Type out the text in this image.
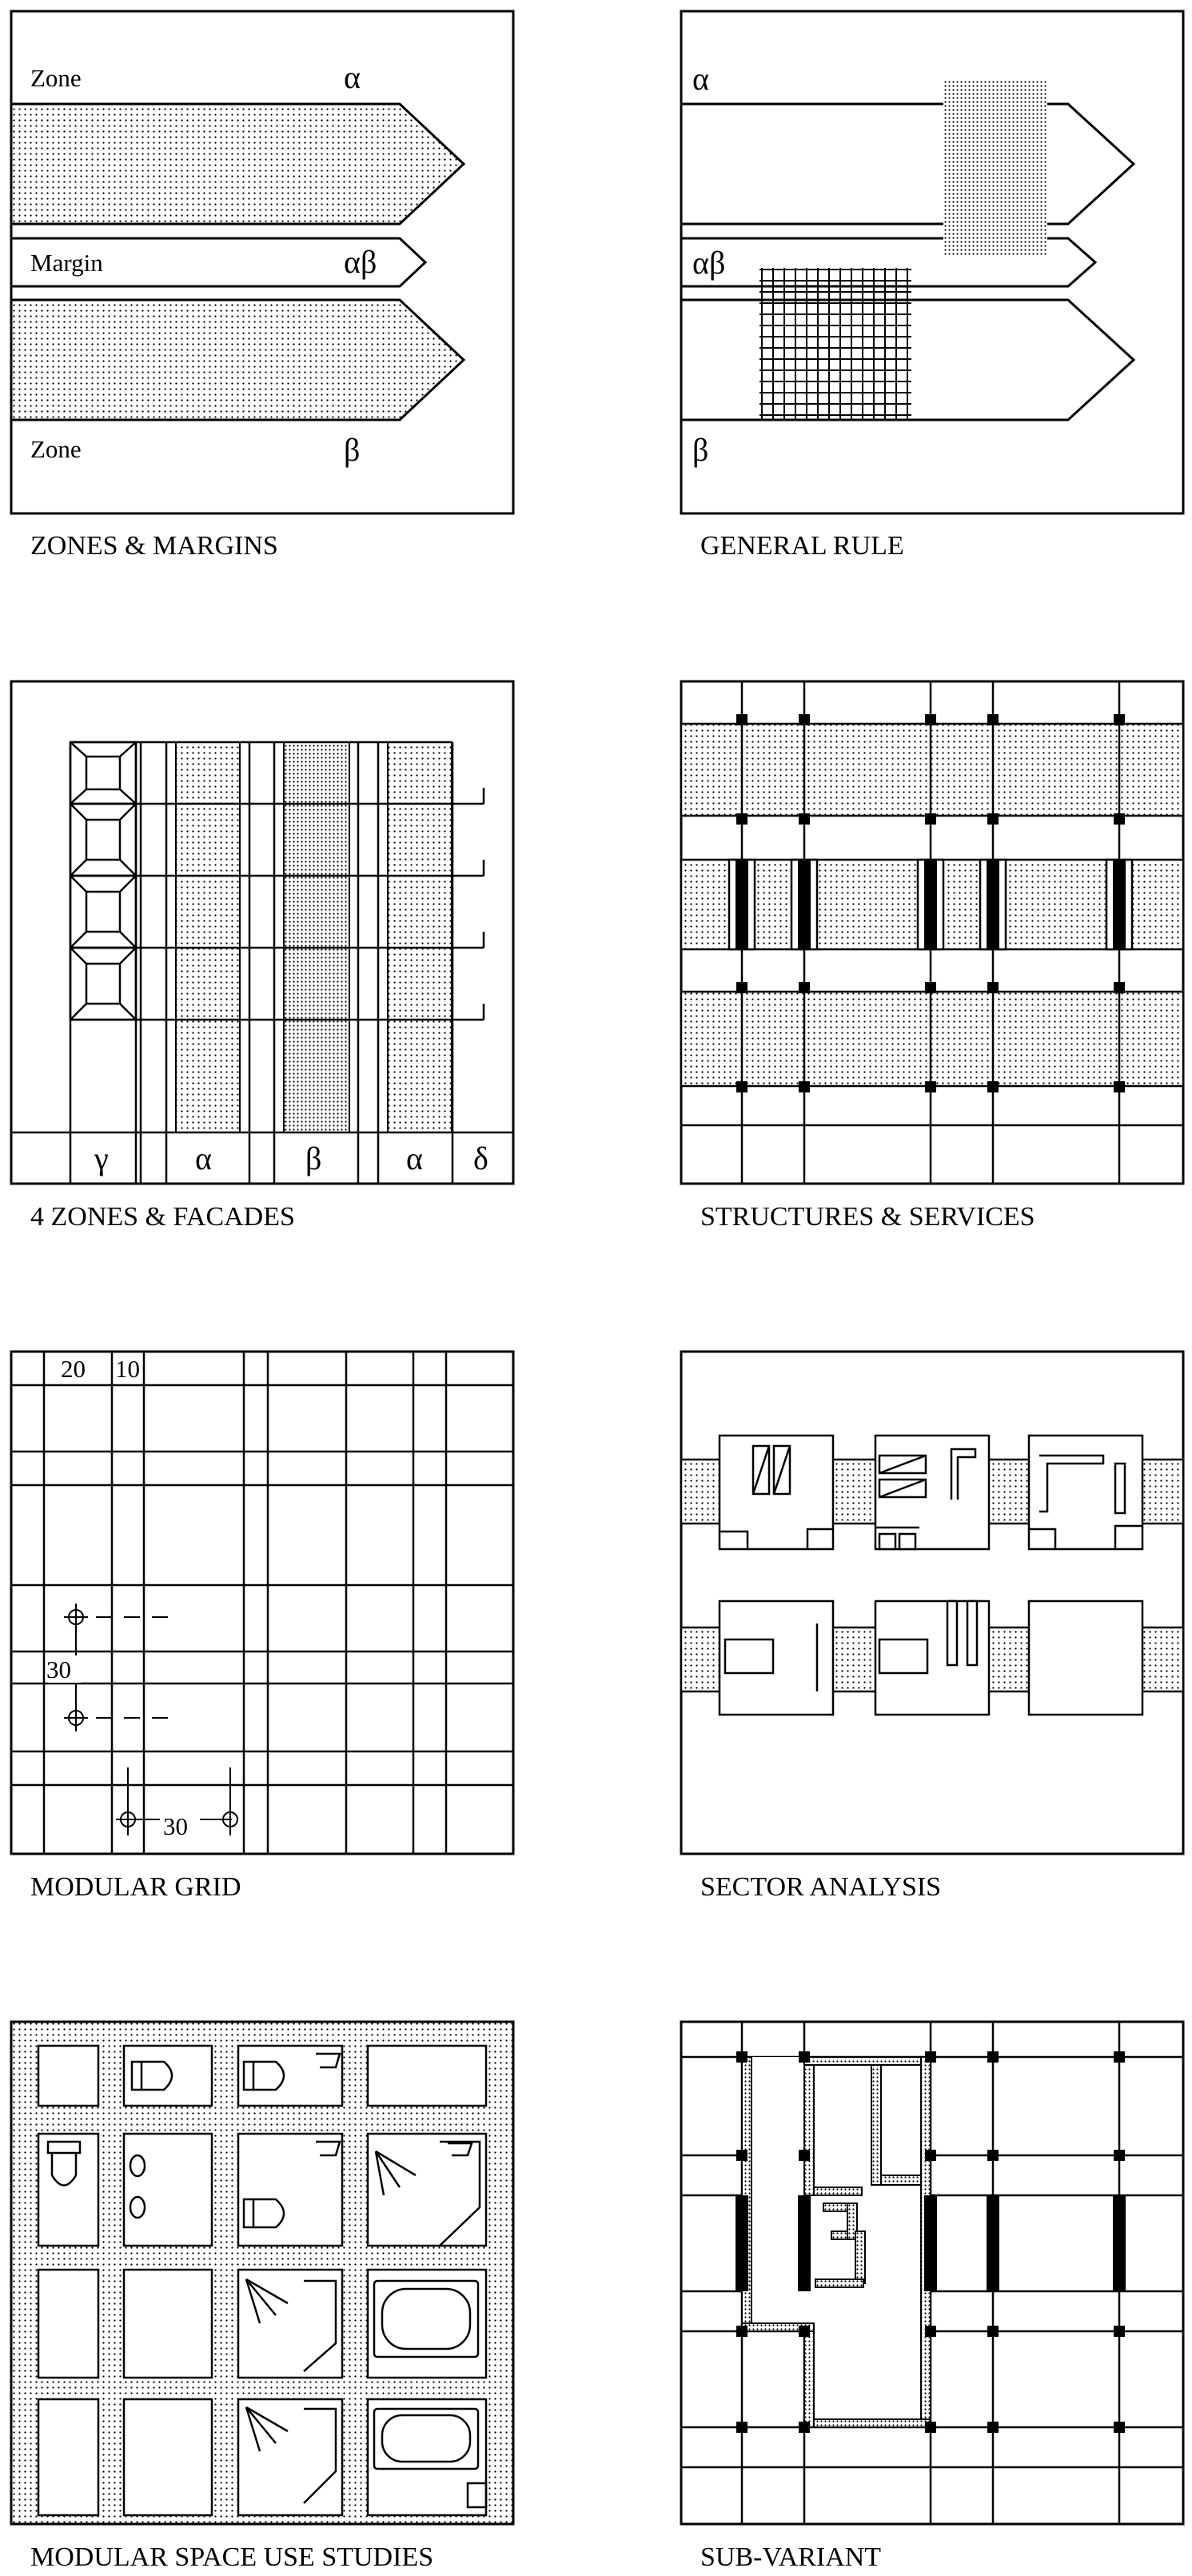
Zone	α
Margin	αβ
Zone	β
ZONES & MARGINS
α
αβ
β
GENERAL RULE
γ	α	β	α δ
4 ZONES & FACADES	STRUCTURES & SERVICES
20 10
30
30
MODULAR GRID	SECTOR ANALYSIS
MODULAR SPACE USE STUDIES	SUB-VARIANT
